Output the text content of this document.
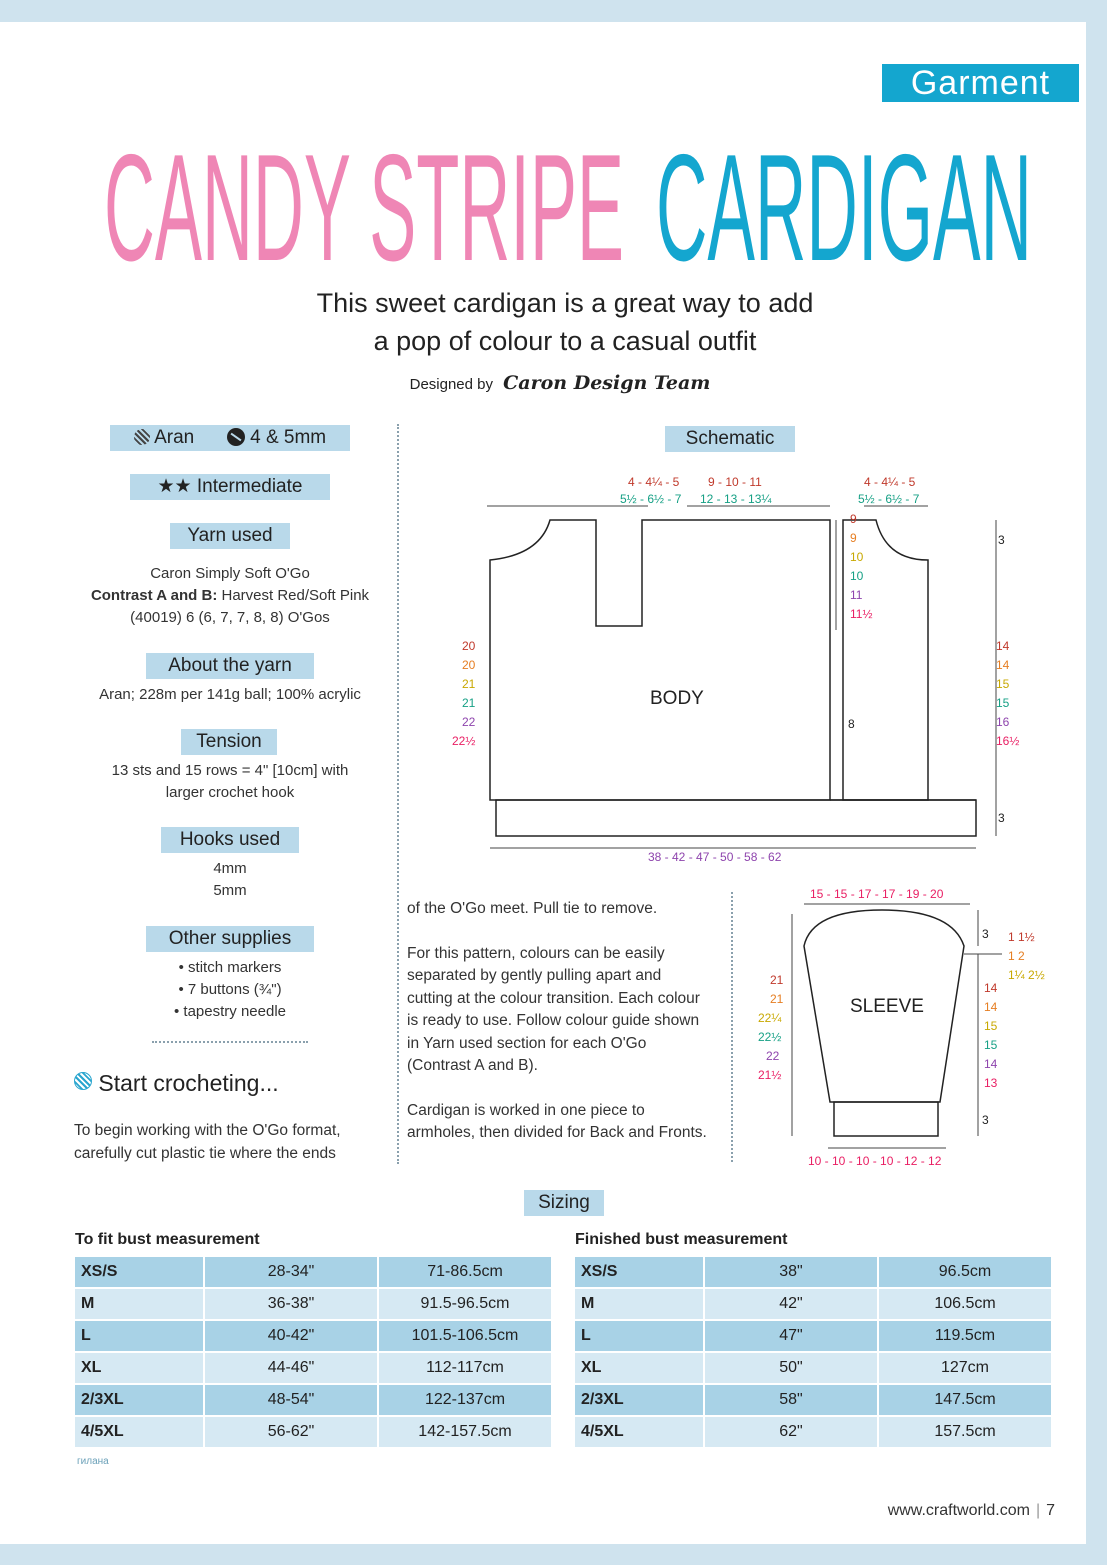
Garment
CANDY STRIPE CARDIGAN
This sweet cardigan is a great way to add
a pop of colour to a casual outfit
Designed by Caron Design Team
Aran	4 & 5mm
★★ Intermediate
Yarn used
Caron Simply Soft O'Go
Contrast A and B: Harvest Red/Soft Pink
(40019) 6 (6, 7, 7, 8, 8) O'Gos
About the yarn
Aran; 228m per 141g ball; 100% acrylic
Tension
13 sts and 15 rows = 4" [10cm] with
larger crochet hook
Hooks used
4mm
5mm
Other supplies
• stitch markers
• 7 buttons (¾")
• tapestry needle
Start crocheting...
To begin working with the O'Go format,
carefully cut plastic tie where the ends
of the O'Go meet. Pull tie to remove.
For this pattern, colours can be easily separated by gently pulling apart and cutting at the colour transition. Each colour is ready to use. Follow colour guide shown in Yarn used section for each O'Go (Contrast A and B).
Cardigan is worked in one piece to armholes, then divided for Back and Fronts.
Schematic
4 - 4¼ - 5
5½ - 6½ - 7
9 - 10 - 11
12 - 13 - 13¼
4 - 4¼ - 5
5½ - 6½ - 7
9
9
10
10
11
11½
20
20
21
21
22
22½
14
14
15
15
16
16½
3
3
8
38 - 42 - 47 - 50 - 58 - 62
BODY
15 - 15 - 17 - 17 - 19 - 20
21
21
22¼
22½
22
21½
14
14
15
15
14
13
3
3
1 1½
1 2
1¼ 2½
10 - 10 - 10 - 10 - 12 - 12
SLEEVE
Sizing
To fit bust measurement	Finished bust measurement
XS/S	28-34"	71-86.5cm
M	36-38"	91.5-96.5cm
L	40-42"	101.5-106.5cm
XL	44-46"	112-117cm
2/3XL	48-54"	122-137cm
4/5XL	56-62"	142-157.5cm
XS/S	38"	96.5cm
M	42"	106.5cm
L	47"	119.5cm
XL	50"	127cm
2/3XL	58"	147.5cm
4/5XL	62"	157.5cm
гилана
www.craftworld.com | 7
